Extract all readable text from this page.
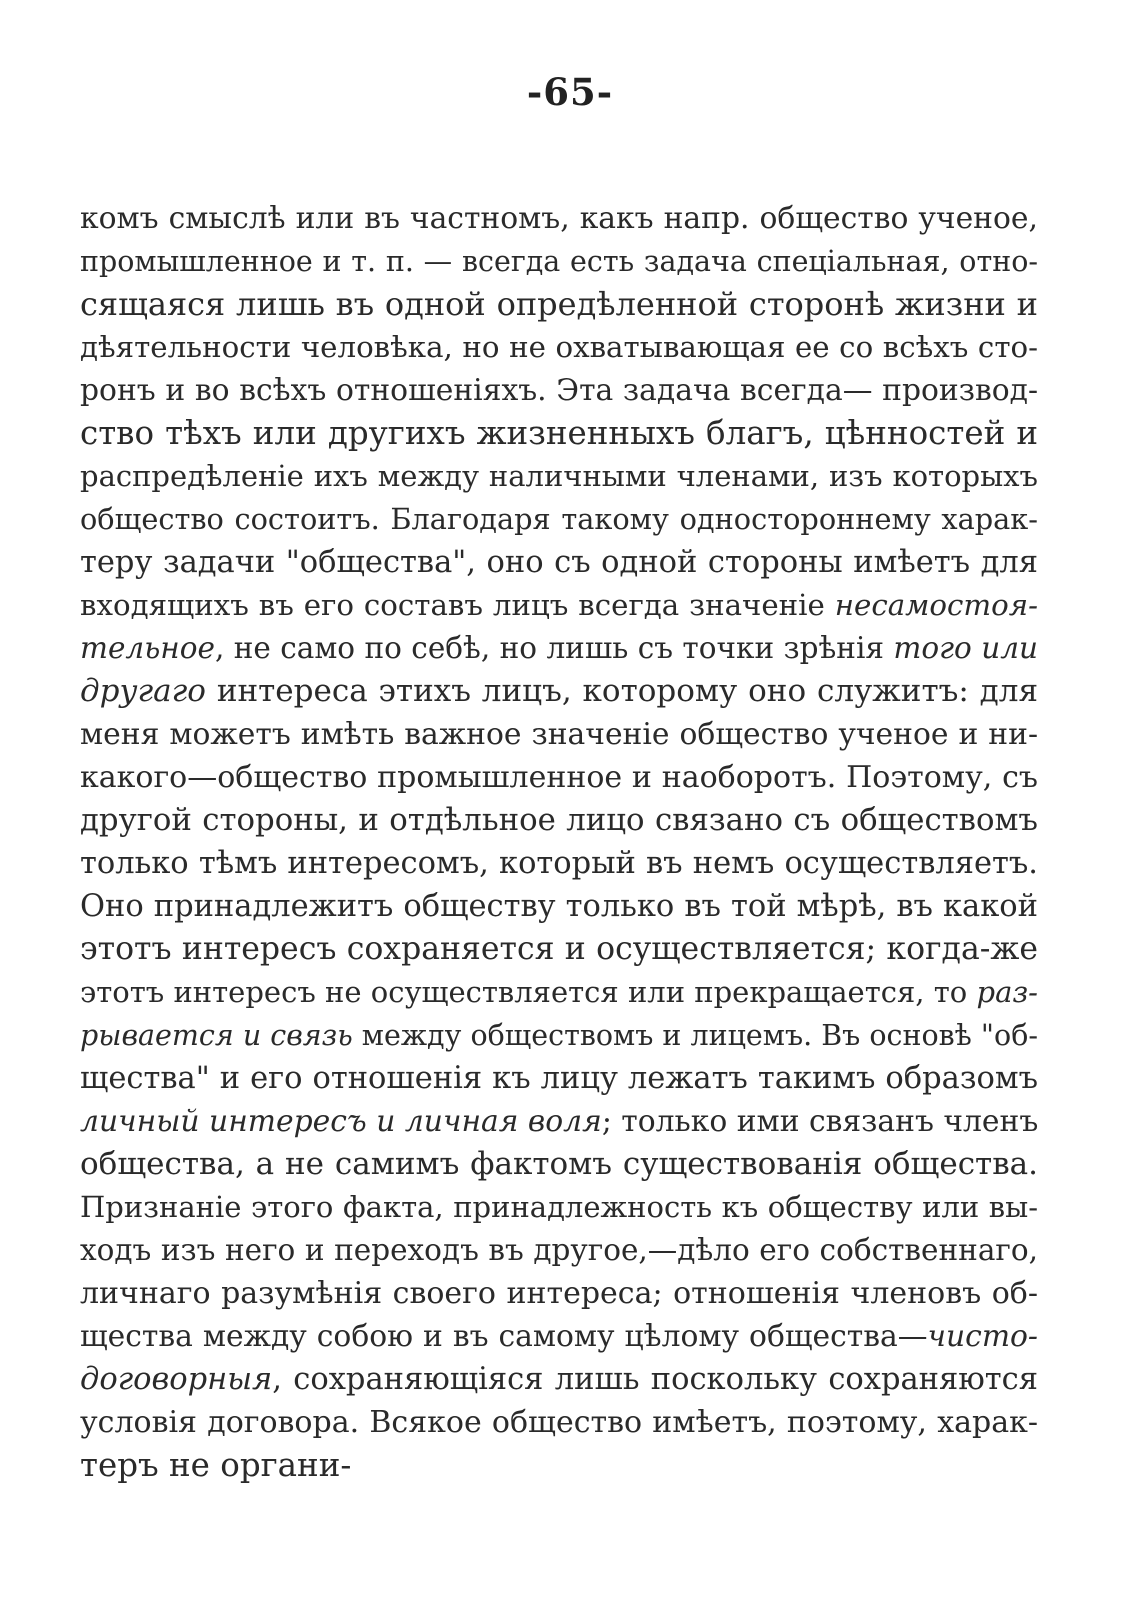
-65-
комъ смыслѣ или въ частномъ, какъ напр. общество ученое,
промышленное и т. п. — всегда есть задача спеціальная, отно-
сящаяся лишь въ одной опредѣленной сторонѣ жизни и
дѣятельности человѣка, но не охватывающая ее со всѣхъ сто-
ронъ и во всѣхъ отношеніяхъ. Эта задача всегда— производ-
ство тѣхъ или другихъ жизненныхъ благъ, цѣнностей и
распредѣленіе ихъ между наличными членами, изъ которыхъ
общество состоитъ. Благодаря такому одностороннему харак-
теру задачи "общества", оно съ одной стороны имѣетъ для
входящихъ въ его составъ лицъ всегда значеніе несамостоя-
тельное, не само по себѣ, но лишь съ точки зрѣнія того или
другаго интереса этихъ лицъ, которому оно служитъ: для
меня можетъ имѣть важное значеніе общество ученое и ни-
какого—общество промышленное и наоборотъ. Поэтому, съ
другой стороны, и отдѣльное лицо связано съ обществомъ
только тѣмъ интересомъ, который въ немъ осуществляетъ.
Оно принадлежитъ обществу только въ той мѣрѣ, въ какой
этотъ интересъ сохраняется и осуществляется; когда-же
этотъ интересъ не осуществляется или прекращается, то раз-
рывается и связь между обществомъ и лицемъ. Въ основѣ "об-
щества" и его отношенія къ лицу лежатъ такимъ образомъ
личный интересъ и личная воля; только ими связанъ членъ
общества, а не самимъ фактомъ существованія общества.
Признаніе этого факта, принадлежность къ обществу или вы-
ходъ изъ него и переходъ въ другое,—дѣло его собственнаго,
личнаго разумѣнія своего интереса; отношенія членовъ об-
щества между собою и въ самому цѣлому общества—чисто-
договорныя, сохраняющіяся лишь поскольку сохраняются
условія договора. Всякое общество имѣетъ, поэтому, харак-
теръ не органи-
